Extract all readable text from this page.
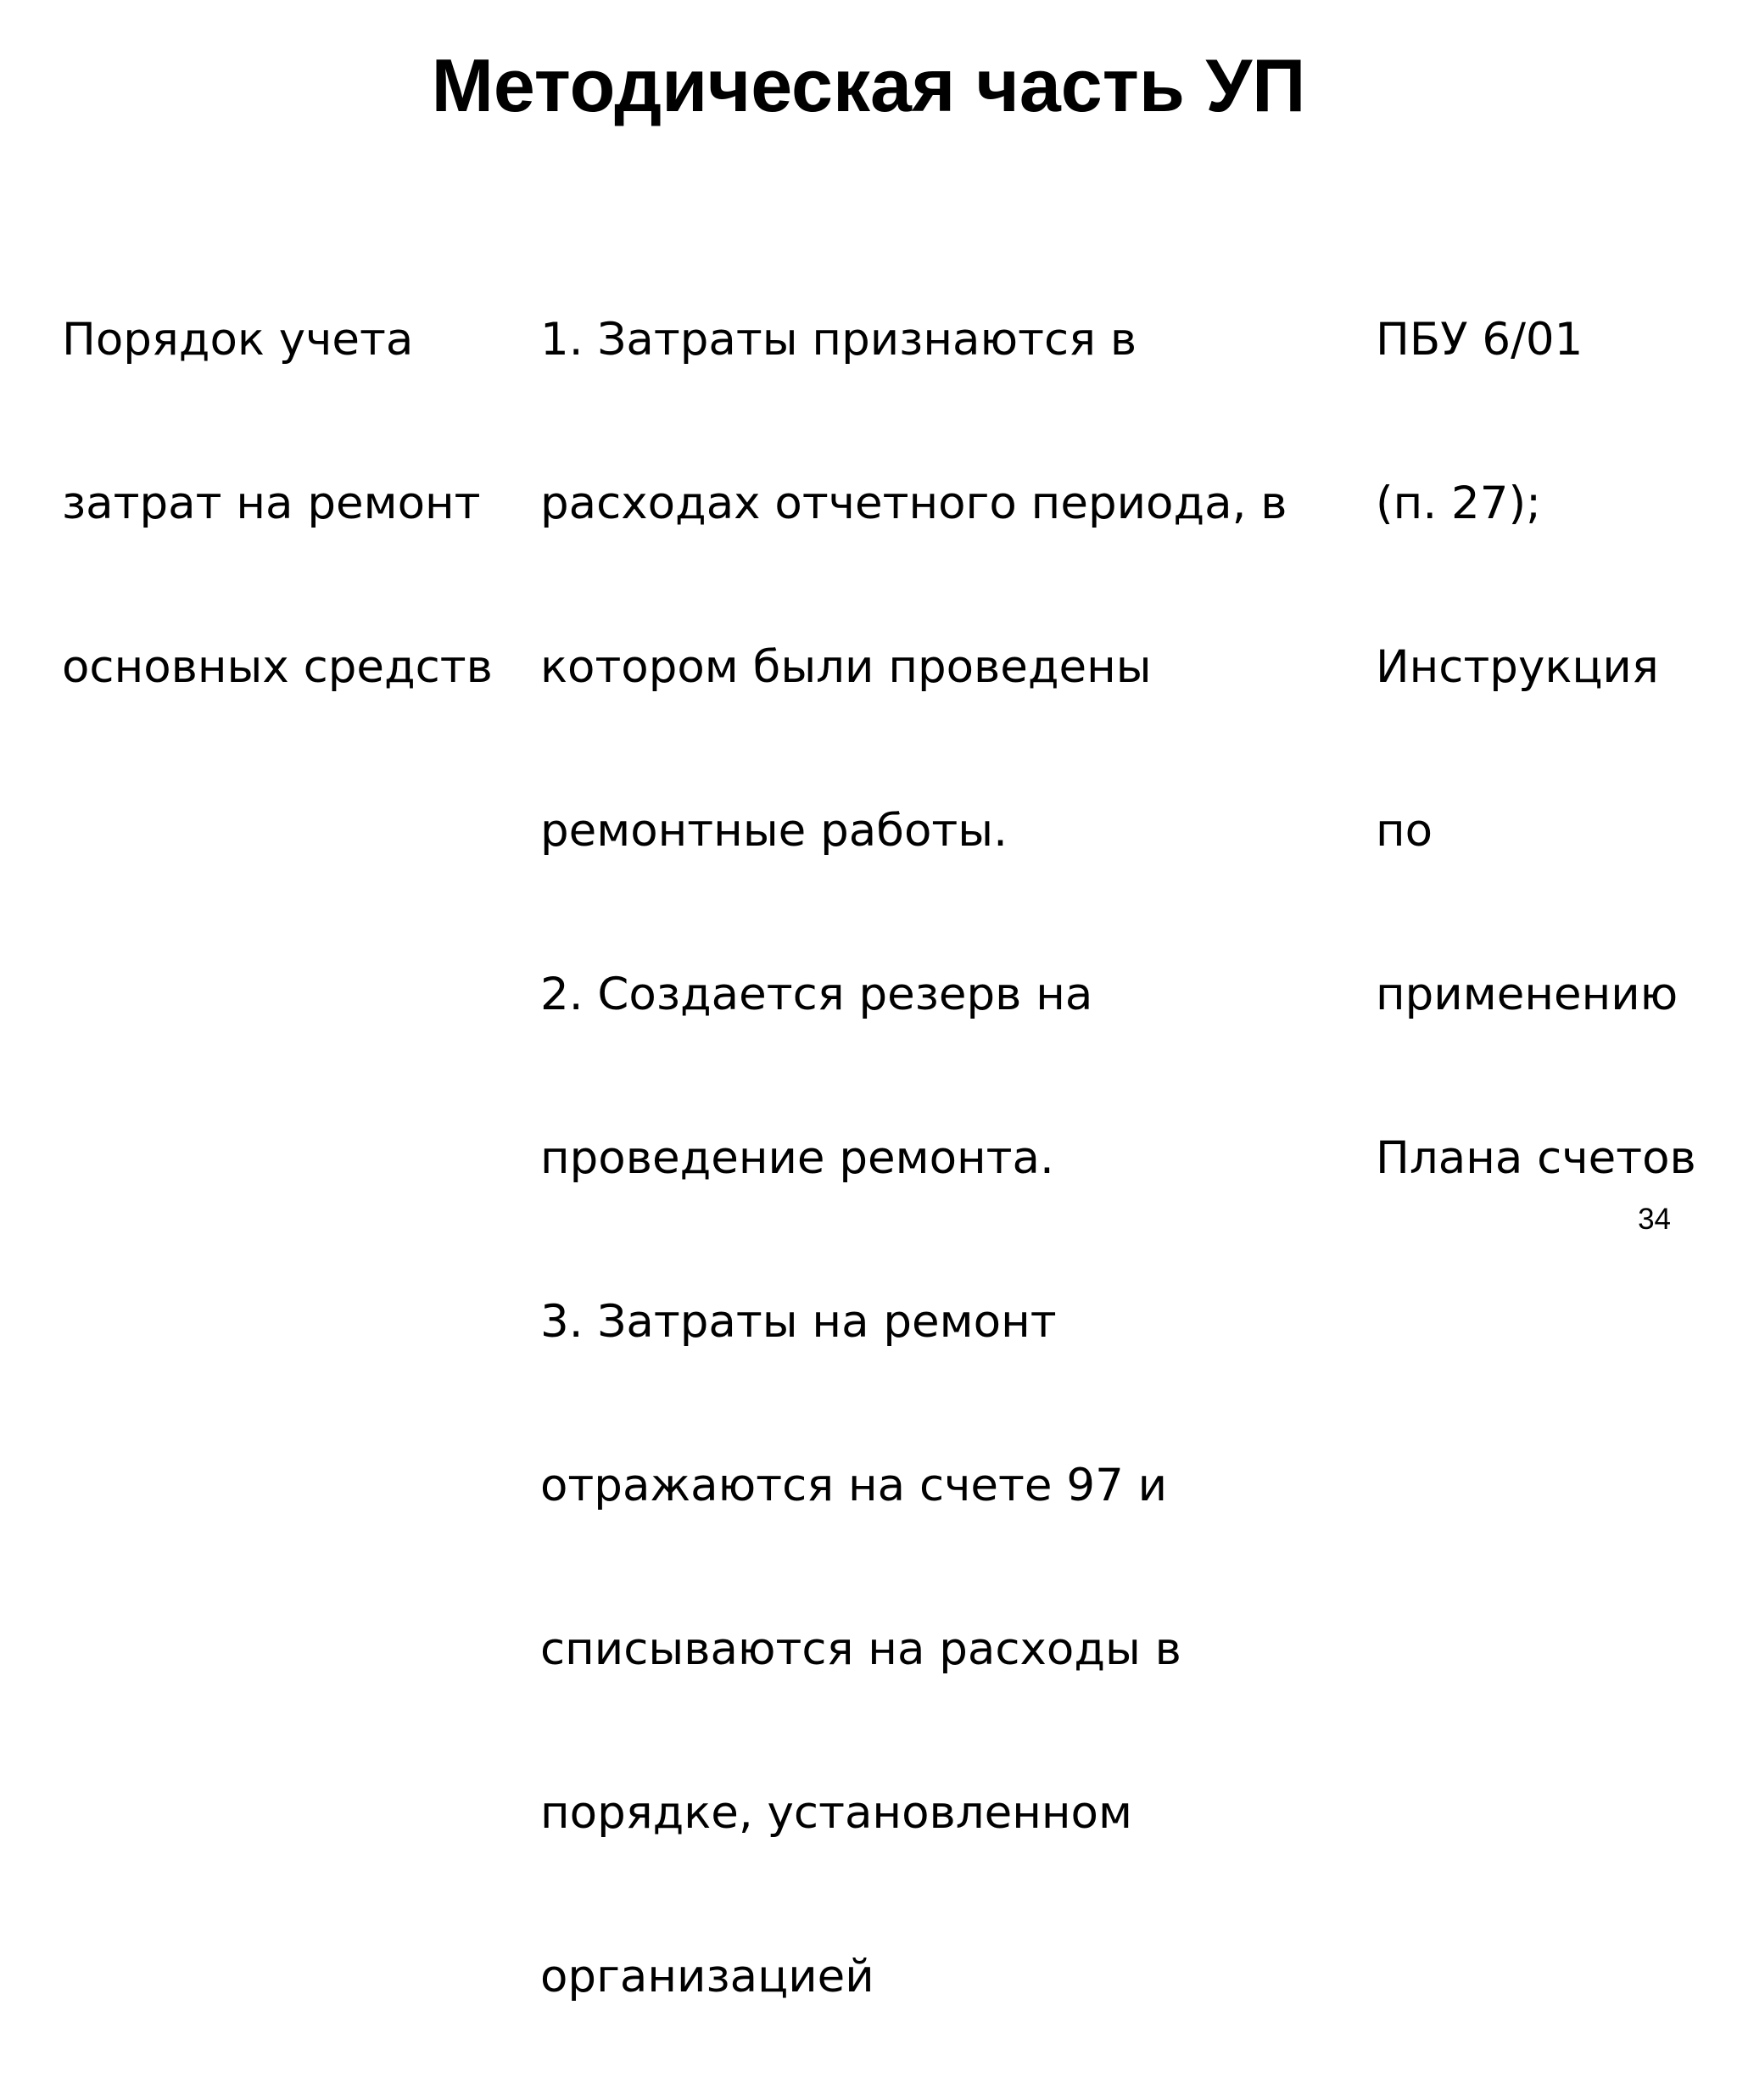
Методическая часть УП

Порядок учета

затрат на ремонт

основных средств

1. Затраты признаются в

расходах отчетного периода, в

котором были проведены

ремонтные работы.

2. Создается резерв на

проведение ремонта.

3. Затраты на ремонт

отражаются на счете 97 и

списываются на расходы в

порядке, установленном

организацией

ПБУ 6/01

(п. 27);

Инструкция

по

применению

Плана счетов

34
